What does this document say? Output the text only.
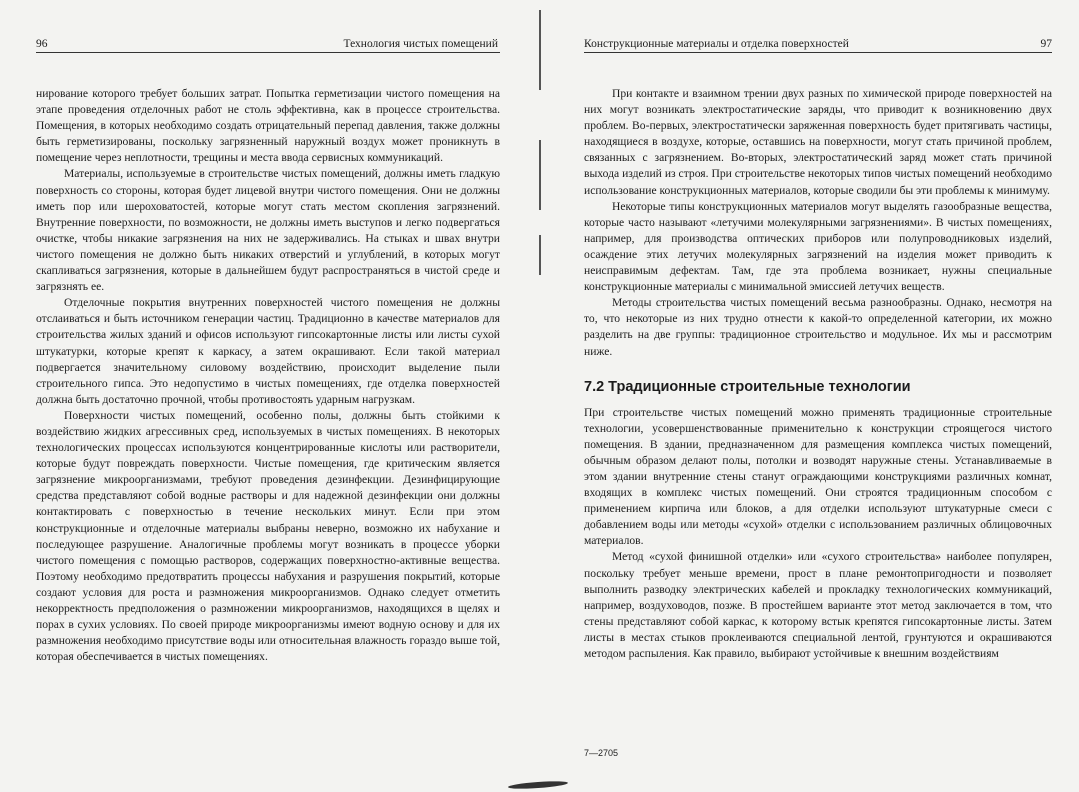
96	Технология чистых помещений

нирование которого требует больших затрат. Попытка герметизации чистого помещения на этапе проведения отделочных работ не столь эффективна, как в процессе строительства. Помещения, в которых необходимо создать отрицательный перепад давления, также должны быть герметизированы, поскольку загрязненный наружный воздух может проникнуть в помещение через неплотности, трещины и места ввода сервисных коммуникаций.

Материалы, используемые в строительстве чистых помещений, должны иметь гладкую поверхность со стороны, которая будет лицевой внутри чистого помещения. Они не должны иметь пор или шероховатостей, которые могут стать местом скопления загрязнений. Внутренние поверхности, по возможности, не должны иметь выступов и легко подвергаться очистке, чтобы никакие загрязнения на них не задерживались. На стыках и швах внутри чистого помещения не должно быть никаких отверстий и углублений, в которых могут скапливаться загрязнения, которые в дальнейшем будут распространяться в чистой среде и загрязнять ее.

Отделочные покрытия внутренних поверхностей чистого помещения не должны отслаиваться и быть источником генерации частиц. Традиционно в качестве материалов для строительства жилых зданий и офисов используют гипсокартонные листы или листы сухой штукатурки, которые крепят к каркасу, а затем окрашивают. Если такой материал подвергается значительному силовому воздействию, происходит выделение пыли строительного гипса. Это недопустимо в чистых помещениях, где отделка поверхностей должна быть достаточно прочной, чтобы противостоять ударным нагрузкам.

Поверхности чистых помещений, особенно полы, должны быть стойкими к воздействию жидких агрессивных сред, используемых в чистых помещениях. В некоторых технологических процессах используются концентрированные кислоты или растворители, которые будут повреждать поверхности. Чистые помещения, где критическим является загрязнение микроорганизмами, требуют проведения дезинфекции. Дезинфицирующие средства представляют собой водные растворы и для надежной дезинфекции они должны контактировать с поверхностью в течение нескольких минут. Если при этом конструкционные и отделочные материалы выбраны неверно, возможно их набухание и последующее разрушение. Аналогичные проблемы могут возникать в процессе уборки чистого помещения с помощью растворов, содержащих поверхностно-активные вещества. Поэтому необходимо предотвратить процессы набухания и разрушения покрытий, которые создают условия для роста и размножения микроорганизмов. Однако следует отметить некорректность предположения о размножении микроорганизмов, находящихся в щелях и порах в сухих условиях. По своей природе микроорганизмы имеют водную основу и для их размножения необходимо присутствие воды или относительная влажность гораздо выше той, которая обеспечивается в чистых помещениях.

Конструкционные материалы и отделка поверхностей	97

При контакте и взаимном трении двух разных по химической природе поверхностей на них могут возникать электростатические заряды, что приводит к возникновению двух проблем. Во-первых, электростатически заряженная поверхность будет притягивать частицы, находящиеся в воздухе, которые, оставшись на поверхности, могут стать причиной проблем, связанных с загрязнением. Во-вторых, электростатический заряд может стать причиной выхода изделий из строя. При строительстве некоторых типов чистых помещений необходимо использование конструкционных материалов, которые сводили бы эти проблемы к минимуму.

Некоторые типы конструкционных материалов могут выделять газообразные вещества, которые часто называют «летучими молекулярными загрязнениями». В чистых помещениях, например, для производства оптических приборов или полупроводниковых изделий, осаждение этих летучих молекулярных загрязнений на изделия может приводить к неисправимым дефектам. Там, где эта проблема возникает, нужны специальные конструкционные материалы с минимальной эмиссией летучих веществ.

Методы строительства чистых помещений весьма разнообразны. Однако, несмотря на то, что некоторые из них трудно отнести к какой-то определенной категории, их можно разделить на две группы: традиционное строительство и модульное. Их мы и рассмотрим ниже.

7.2 Традиционные строительные технологии

При строительстве чистых помещений можно применять традиционные строительные технологии, усовершенствованные применительно к конструкции строящегося чистого помещения. В здании, предназначенном для размещения комплекса чистых помещений, обычным образом делают полы, потолки и возводят наружные стены. Устанавливаемые в этом здании внутренние стены станут ограждающими конструкциями различных комнат, входящих в комплекс чистых помещений. Они строятся традиционным способом с применением кирпича или блоков, а для отделки используют штукатурные смеси с добавлением воды или методы «сухой» отделки с использованием различных облицовочных материалов.

Метод «сухой финишной отделки» или «сухого строительства» наиболее популярен, поскольку требует меньше времени, прост в плане ремонтопригодности и позволяет выполнить разводку электрических кабелей и прокладку технологических коммуникаций, например, воздуховодов, позже. В простейшем варианте этот метод заключается в том, что стены представляют собой каркас, к которому встык крепятся гипсокартонные листы. Затем листы в местах стыков проклеиваются специальной лентой, грунтуются и окрашиваются методом распыления. Как правило, выбирают устойчивые к внешним воздействиям

7—2705
